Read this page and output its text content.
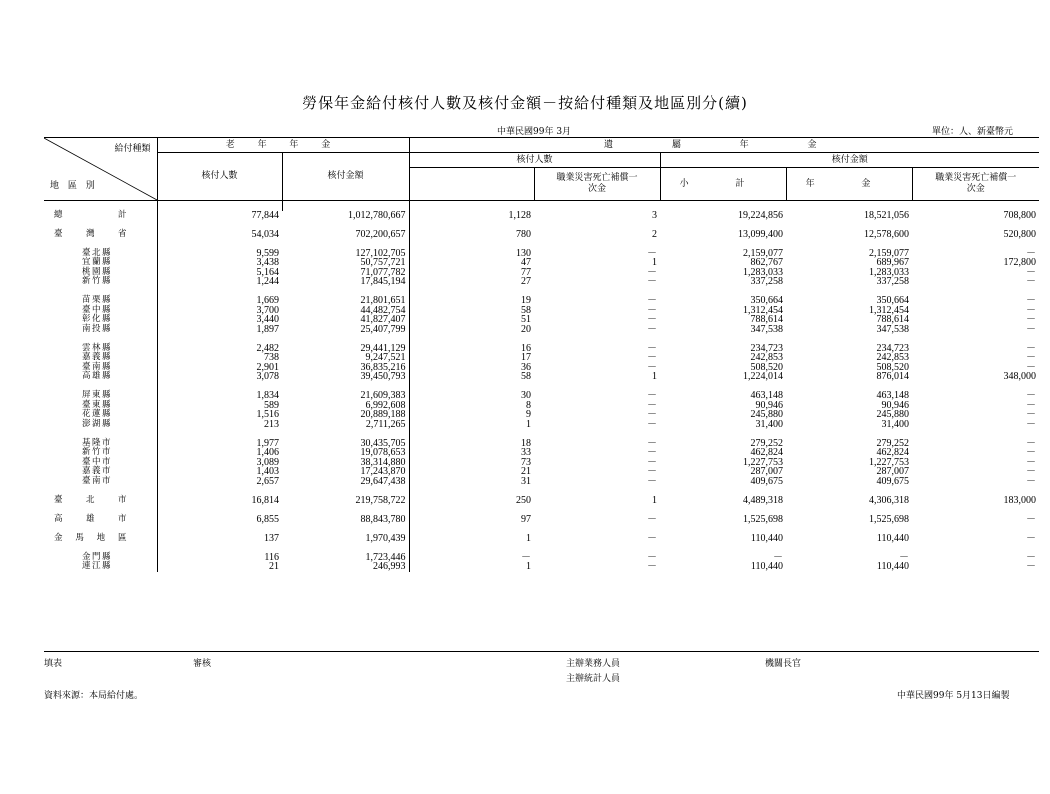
勞保年金給付核付人數及核付金額－按給付種類及地區別分(續)
中華民國99年 3月	單位：人、新臺幣元
給付種類
地 區 別	老 年 年 金		遺 屬 年 金				
	核付人數	核付金額	核付人數		核付金額		
				職業災害死亡補償一次金	小 計	年 金	職業災害死亡補償一次金

總計	77,844	1,012,780,667	1,128	3	19,224,856	18,521,056	708,800

臺灣省	54,034	702,200,657	780	2	13,099,400	12,578,600	520,800

臺北縣	9,599	127,102,705	130	－	2,159,077	2,159,077	－
宜蘭縣	3,438	50,757,721	47	1	862,767	689,967	172,800
桃園縣	5,164	71,077,782	77	－	1,283,033	1,283,033	－
新竹縣	1,244	17,845,194	27	－	337,258	337,258	－

苗栗縣	1,669	21,801,651	19	－	350,664	350,664	－
臺中縣	3,700	44,482,754	58	－	1,312,454	1,312,454	－
彰化縣	3,440	41,827,407	51	－	788,614	788,614	－
南投縣	1,897	25,407,799	20	－	347,538	347,538	－

雲林縣	2,482	29,441,129	16	－	234,723	234,723	－
嘉義縣	738	9,247,521	17	－	242,853	242,853	－
臺南縣	2,901	36,835,216	36	－	508,520	508,520	－
高雄縣	3,078	39,450,793	58	1	1,224,014	876,014	348,000

屏東縣	1,834	21,609,383	30	－	463,148	463,148	－
臺東縣	589	6,992,608	8	－	90,946	90,946	－
花蓮縣	1,516	20,889,188	9	－	245,880	245,880	－
澎湖縣	213	2,711,265	1	－	31,400	31,400	－

基隆市	1,977	30,435,705	18	－	279,252	279,252	－
新竹市	1,406	19,078,653	33	－	462,824	462,824	－
臺中市	3,089	38,314,880	73	－	1,227,753	1,227,753	－
嘉義市	1,403	17,243,870	21	－	287,007	287,007	－
臺南市	2,657	29,647,438	31	－	409,675	409,675	－

臺北市	16,814	219,758,722	250	1	4,489,318	4,306,318	183,000

高雄市	6,855	88,843,780	97	－	1,525,698	1,525,698	－

金馬地區	137	1,970,439	1	－	110,440	110,440	－

金門縣	116	1,723,446	－	－	－	－	－
連江縣	21	246,993	1	－	110,440	110,440	－
填表	審核	主辦業務人員
主辦統計人員
機關長官
資料來源：本局給付處。	中華民國99年 5月13日編製
